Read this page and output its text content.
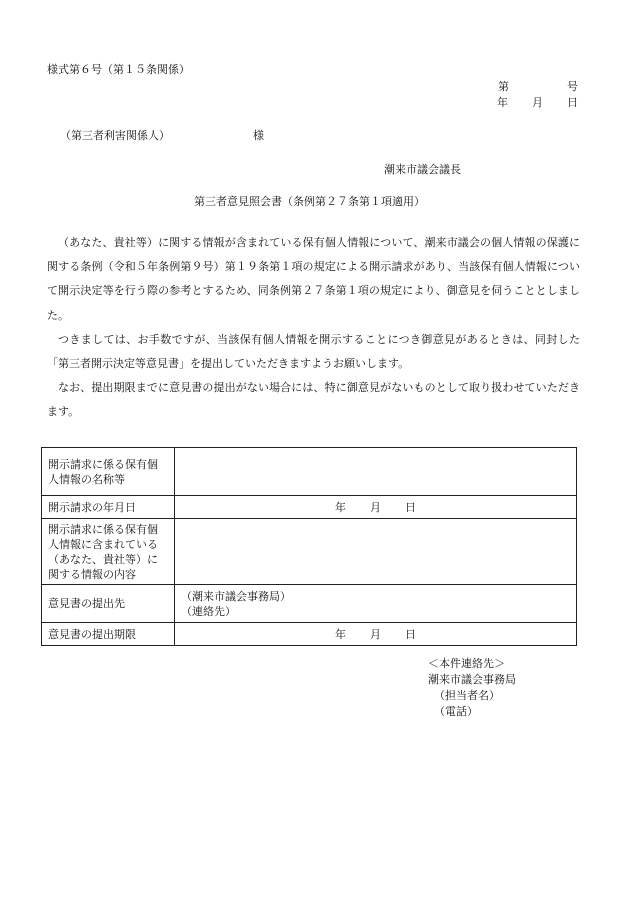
様式第６号（第１５条関係）
第	号
年 月 日
（第三者利害関係人）	様
潮来市議会議長
第三者意見照会書（条例第２７条第１項適用）

（あなた、貴社等）に関する情報が含まれている保有個人情報について、潮来市議会の個人情報の保護に関する条例（令和５年条例第９号）第１９条第１項の規定による開示請求があり、当該保有個人情報について開示決定等を行う際の参考とするため、同条例第２７条第１項の規定により、御意見を伺うこととしました。

つきましては、お手数ですが、当該保有個人情報を開示することにつき御意見があるときは、同封した「第三者開示決定等意見書」を提出していただきますようお願いします。

なお、提出期限までに意見書の提出がない場合には、特に御意見がないものとして取り扱わせていただきます。

開示請求に係る保有個人情報の名称等	
開示請求の年月日	年 月 日
開示請求に係る保有個人情報に含まれている（あなた、貴社等）に関する情報の内容	
意見書の提出先	（潮来市議会事務局）
（連絡先）

意見書の提出期限	年 月 日
＜本件連絡先＞
潮来市議会事務局
（担当者名）
（電話）
